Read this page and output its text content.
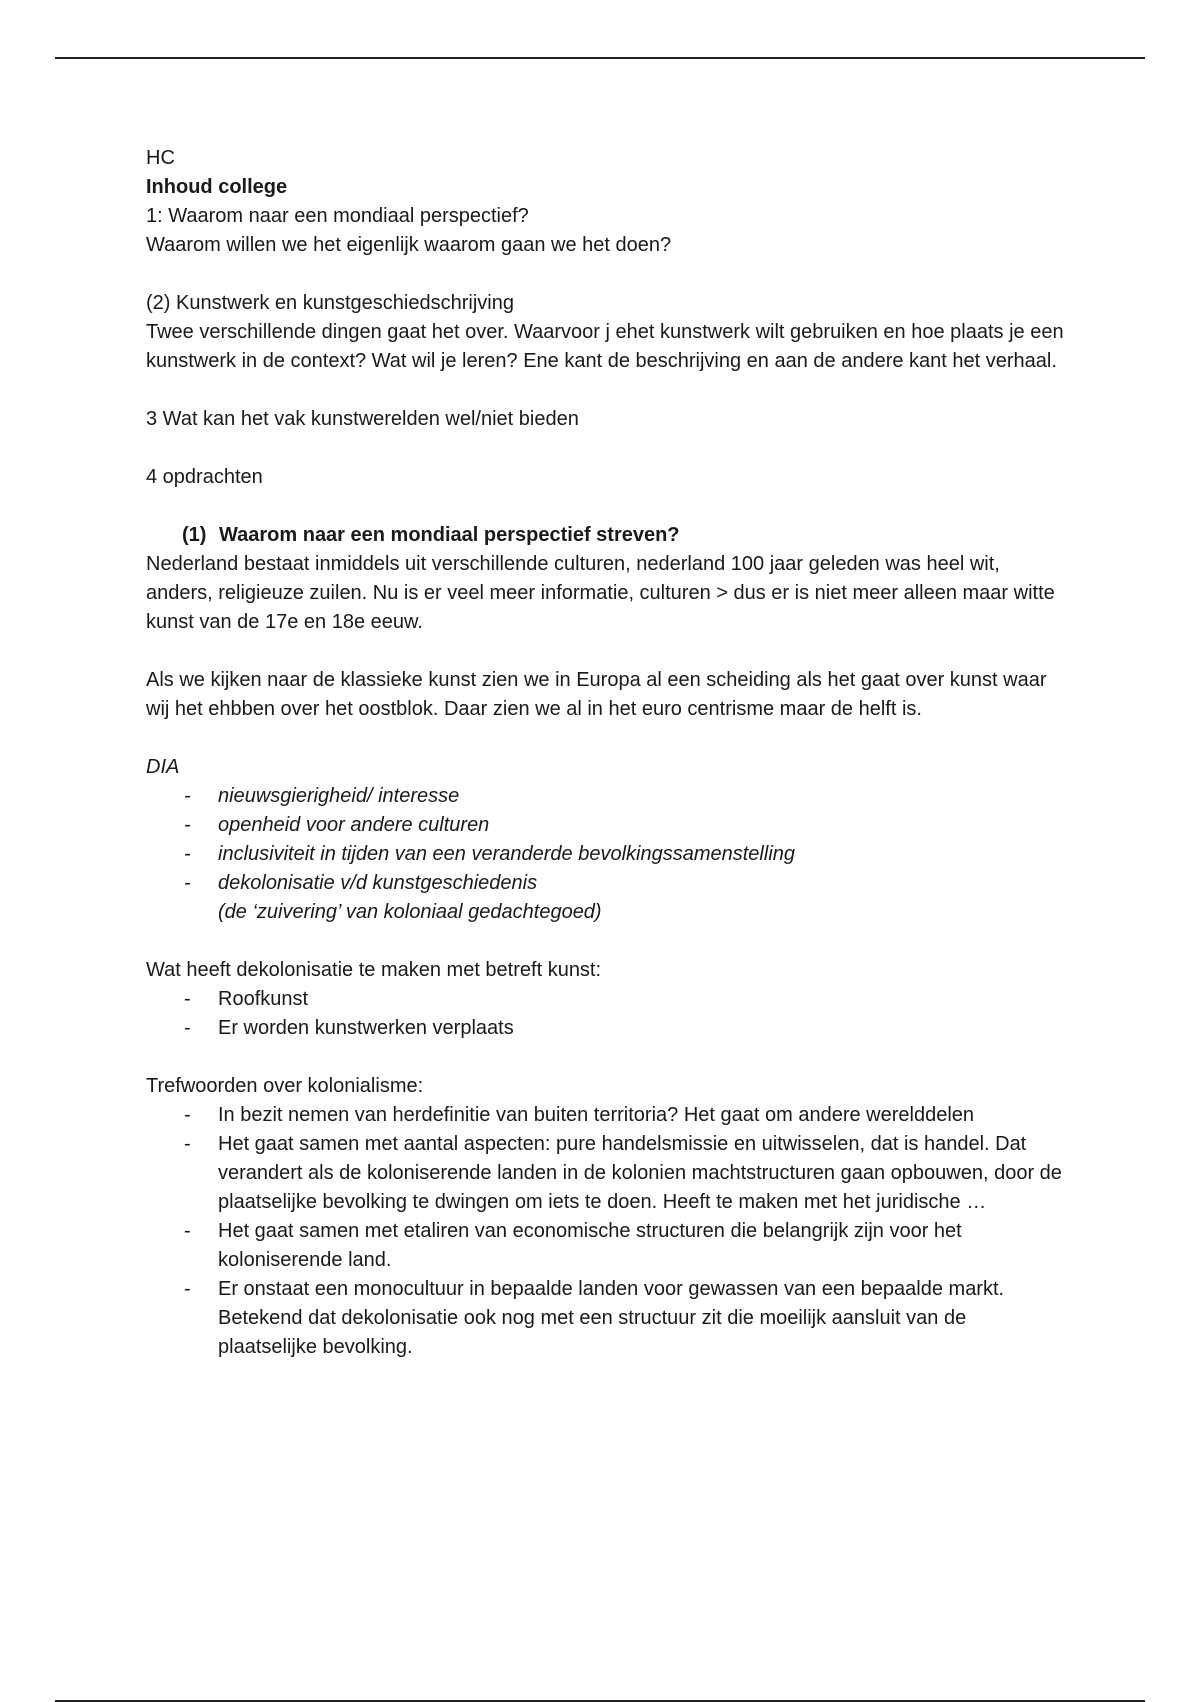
HC

Inhoud college

1: Waarom naar een mondiaal perspectief?

Waarom willen we het eigenlijk waarom gaan we het doen?

(2) Kunstwerk en kunstgeschiedschrijving

Twee verschillende dingen gaat het over. Waarvoor j ehet kunstwerk wilt gebruiken en hoe plaats je een kunstwerk in de context? Wat wil je leren? Ene kant de beschrijving en aan de andere kant het verhaal.

3 Wat kan het vak kunstwerelden wel/niet bieden

4 opdrachten

(1) Waarom naar een mondiaal perspectief streven?

Nederland bestaat inmiddels uit verschillende culturen, nederland 100 jaar geleden was heel wit, anders, religieuze zuilen. Nu is er veel meer informatie, culturen > dus er is niet meer alleen maar witte kunst van de 17e en 18e eeuw.

Als we kijken naar de klassieke kunst zien we in Europa al een scheiding als het gaat over kunst waar wij het ehbben over het oostblok. Daar zien we al in het euro centrisme maar de helft is.

DIA

- nieuwsgierigheid/ interesse
- openheid voor andere culturen
- inclusiviteit in tijden van een veranderde bevolkingssamenstelling
- dekolonisatie v/d kunstgeschiedenis

(de ‘zuivering’ van koloniaal gedachtegoed)

Wat heeft dekolonisatie te maken met betreft kunst:

- Roofkunst
- Er worden kunstwerken verplaats

Trefwoorden over kolonialisme:

- In bezit nemen van herdefinitie van buiten territoria? Het gaat om andere werelddelen
- Het gaat samen met aantal aspecten: pure handelsmissie en uitwisselen, dat is handel. Dat verandert als de koloniserende landen in de kolonien machtstructuren gaan opbouwen, door de plaatselijke bevolking te dwingen om iets te doen. Heeft te maken met het juridische …
- Het gaat samen met etaliren van economische structuren die belangrijk zijn voor het koloniserende land.
- Er onstaat een monocultuur in bepaalde landen voor gewassen van een bepaalde markt. Betekend dat dekolonisatie ook nog met een structuur zit die moeilijk aansluit van de plaatselijke bevolking.
